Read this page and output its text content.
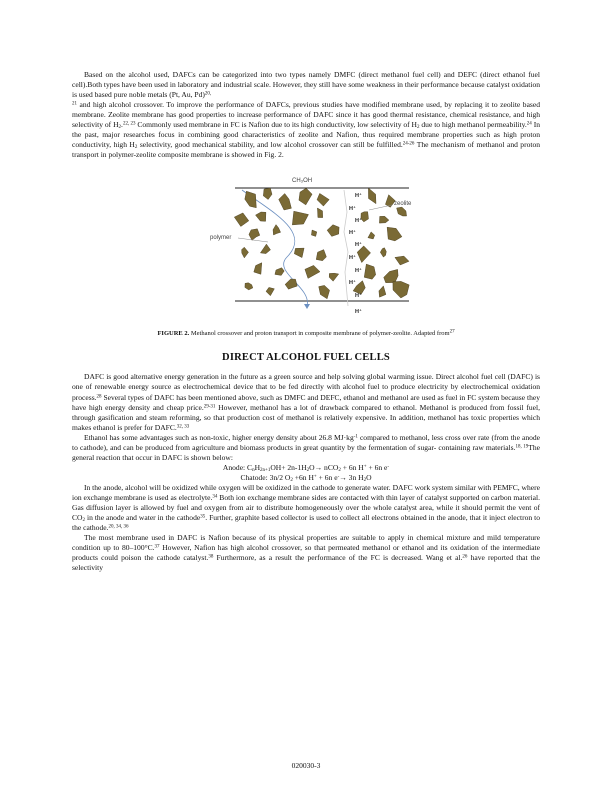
Based on the alcohol used, DAFCs can be categorized into two types namely DMFC (direct methanol fuel cell) and DEFC (direct ethanol fuel cell).Both types have been used in laboratory and industrial scale. However, they still have some weakness in their performance because catalyst oxidation is used based pure noble metals (Pt, Au, Pd)$^{20,}$
$^{21}$ and high alcohol crossover. To improve the performance of DAFCs, previous studies have modified membrane used, by replacing it to zeolite based membrane. Zeolite membrane has good properties to increase performance of DAFC since it has good thermal resistance, chemical resistance, and high selectivity of $H_2.^{22, 23}$ Commonly used membrane in FC is Nafion due to its high conductivity, low selectivity of $H_2$ due to high methanol permeability.$^{24}$ In the past, major researches focus in combining good characteristics of zeolite and Nafion, thus required membrane properties such as high proton conductivity, high $H_2$ selectivity, good mechanical stability, and low alcohol crossover can still be fulfilled.$^{24-26}$ The mechanism of methanol and proton transport in polymer-zeolite composite membrane is showed in Fig. 2.

CH₃OH
zeolite
polymer
H⁺
H⁺
H⁺
H⁺
H⁺
H⁺
H⁺
H⁺
H⁺
H⁺

FIGURE 2. Methanol crossover and proton transport in composite membrane of polymer-zeolite. Adapted from$^{27}$

DIRECT ALCOHOL FUEL CELLS

DAFC is good alternative energy generation in the future as a green source and help solving global warming issue. Direct alcohol fuel cell (DAFC) is one of renewable energy source as electrochemical device that to be fed directly with alcohol fuel to produce electricity by electrochemical oxidation process.$^{28}$ Several types of DAFC has been mentioned above, such as DMFC and DEFC, ethanol and methanol are used as fuel in FC system because they have high energy density and cheap price.$^{29-31}$ However, methanol has a lot of drawback compared to ethanol. Methanol is produced from fossil fuel, through gasification and steam reforming, so that production cost of methanol is relatively expensive. In addition, methanol has toxic properties which makes ethanol is prefer for DAFC.$^{32, 33}$

Ethanol has some advantages such as non-toxic, higher energy density about 26.8 $MJ\cdot kg^{-1}$ compared to methanol, less cross over rate (from the anode to cathode), and can be produced from agriculture and biomass products in great quantity by the fermentation of sugar- containing raw materials.$^{18, 19}$The general reaction that occur in DAFC is shown below:

Anode: $C_nH_{2n+1}OH+ 2n-1H_2O\to nCO_2 + 6n$ H+ + 6n e-

Chatode: 3n/2 $O_2 +6n$ H+ + 6n e-→ 3n $H_2O$

In the anode, alcohol will be oxidized while oxygen will be oxidized in the cathode to generate water. DAFC work system similar with PEMFC, where ion exchange membrane is used as electrolyte.$^{34}$ Both ion exchange membrane sides are contacted with thin layer of catalyst supported on carbon material. Gas diffusion layer is allowed by fuel and oxygen from air to distribute homogeneously over the whole catalyst area, while it should permit the vent of $CO_2$ in the anode and water in the cathode$^{35}$. Further, graphite based collector is used to collect all electrons obtained in the anode, that it inject electron to the cathode.$^{20, 34, 36}$

The most membrane used in DAFC is Nafion because of its physical properties are suitable to apply in chemical mixture and mild temperature condition up to 80–100°C.$^{37}$ However, Nafion has high alcohol crossover, so that permeated methanol or ethanol and its oxidation of the intermediate products could poison the cathode catalyst.$^{38}$ Furthermore, as a result the performance of the FC is decreased. Wang et al.$^{26}$ have reported that the selectivity

020030-3
